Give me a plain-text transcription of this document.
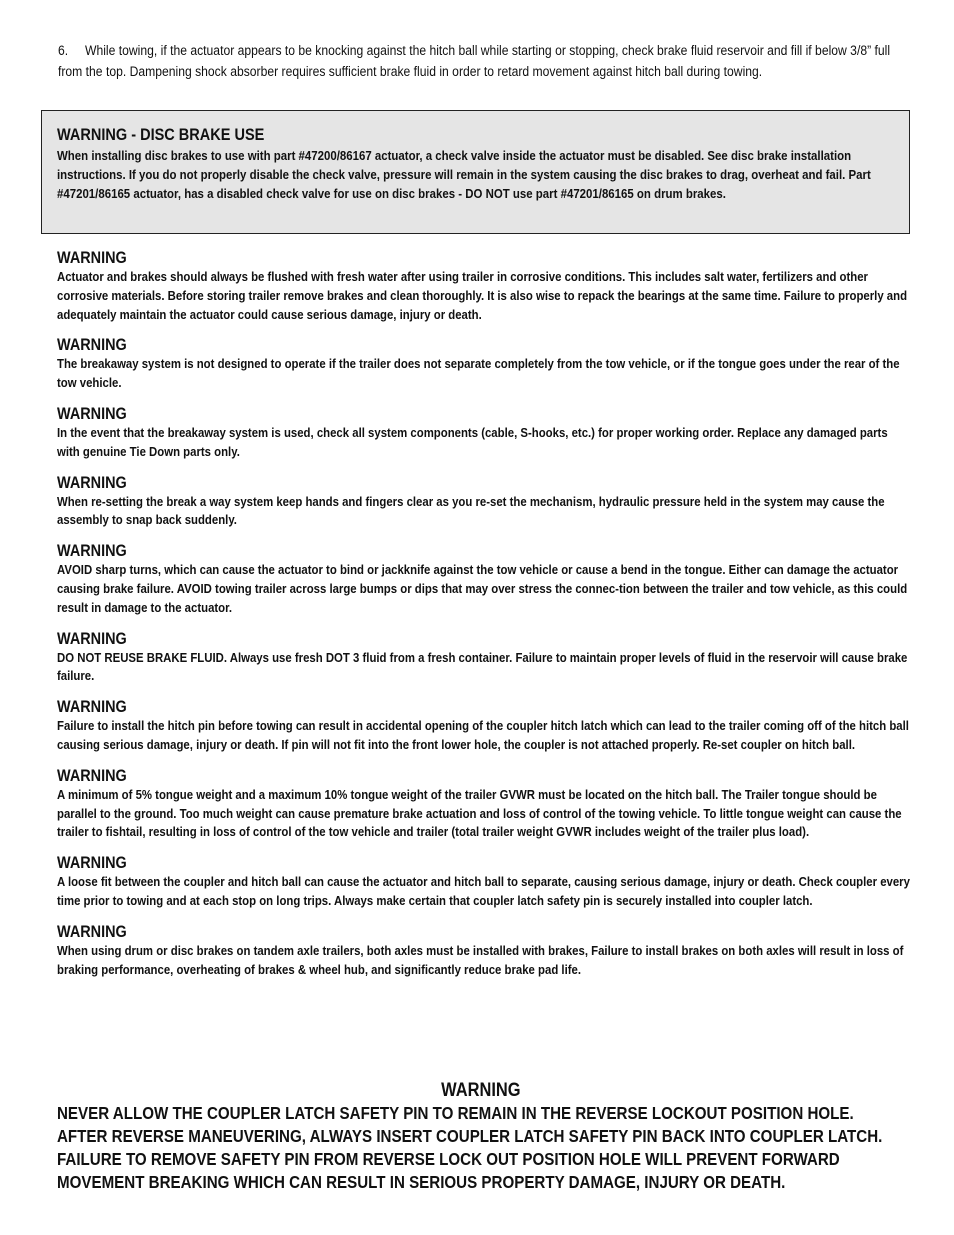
6. While towing, if the actuator appears to be knocking against the hitch ball while starting or stopping, check brake fluid reservoir and fill if below 3/8” full from the top. Dampening shock absorber requires sufficient brake fluid in order to retard movement against hitch ball during towing.
WARNING - DISC BRAKE USE

When installing disc brakes to use with part #47200/86167 actuator, a check valve inside the actuator must be disabled. See disc brake installation instructions. If you do not properly disable the check valve, pressure will remain in the system causing the disc brakes to drag, overheat and fail. Part #47201/86165 actuator, has a disabled check valve for use on disc brakes - DO NOT use part #47201/86165 on drum brakes.

WARNING

Actuator and brakes should always be flushed with fresh water after using trailer in corrosive conditions. This includes salt water, fertilizers and other corrosive materials. Before storing trailer remove brakes and clean thoroughly. It is also wise to repack the bearings at the same time. Failure to properly and adequately maintain the actuator could cause serious damage, injury or death.

WARNING

The breakaway system is not designed to operate if the trailer does not separate completely from the tow vehicle, or if the tongue goes under the rear of the tow vehicle.

WARNING

In the event that the breakaway system is used, check all system components (cable, S-hooks, etc.) for proper working order. Replace any damaged parts with genuine Tie Down parts only.

WARNING

When re-setting the break a way system keep hands and fingers clear as you re-set the mechanism, hydraulic pressure held in the system may cause the assembly to snap back suddenly.

WARNING

AVOID sharp turns, which can cause the actuator to bind or jackknife against the tow vehicle or cause a bend in the tongue. Either can damage the actuator causing brake failure. AVOID towing trailer across large bumps or dips that may over stress the connec-tion between the trailer and tow vehicle, as this could result in damage to the actuator.

WARNING

DO NOT REUSE BRAKE FLUID. Always use fresh DOT 3 fluid from a fresh container. Failure to maintain proper levels of fluid in the reservoir will cause brake failure.

WARNING

Failure to install the hitch pin before towing can result in accidental opening of the coupler hitch latch which can lead to the trailer coming off of the hitch ball causing serious damage, injury or death. If pin will not fit into the front lower hole, the coupler is not attached properly. Re-set coupler on hitch ball.

WARNING

A minimum of 5% tongue weight and a maximum 10% tongue weight of the trailer GVWR must be located on the hitch ball. The Trailer tongue should be parallel to the ground. Too much weight can cause premature brake actuation and loss of control of the towing vehicle. To little tongue weight can cause the trailer to fishtail, resulting in loss of control of the tow vehicle and trailer (total trailer weight GVWR includes weight of the trailer plus load).

WARNING

A loose fit between the coupler and hitch ball can cause the actuator and hitch ball to separate, causing serious damage, injury or death. Check coupler every time prior to towing and at each stop on long trips. Always make certain that coupler latch safety pin is securely installed into coupler latch.

WARNING

When using drum or disc brakes on tandem axle trailers, both axles must be installed with brakes, Failure to install brakes on both axles will result in loss of braking performance, overheating of brakes & wheel hub, and significantly reduce brake pad life.

WARNING

NEVER ALLOW THE COUPLER LATCH SAFETY PIN TO REMAIN IN THE REVERSE LOCKOUT POSITION HOLE. AFTER REVERSE MANEUVERING, ALWAYS INSERT COUPLER LATCH SAFETY PIN BACK INTO COUPLER LATCH. FAILURE TO REMOVE SAFETY PIN FROM REVERSE LOCK OUT POSITION HOLE WILL PREVENT FORWARD MOVEMENT BREAKING WHICH CAN RESULT IN SERIOUS PROPERTY DAMAGE, INJURY OR DEATH.
